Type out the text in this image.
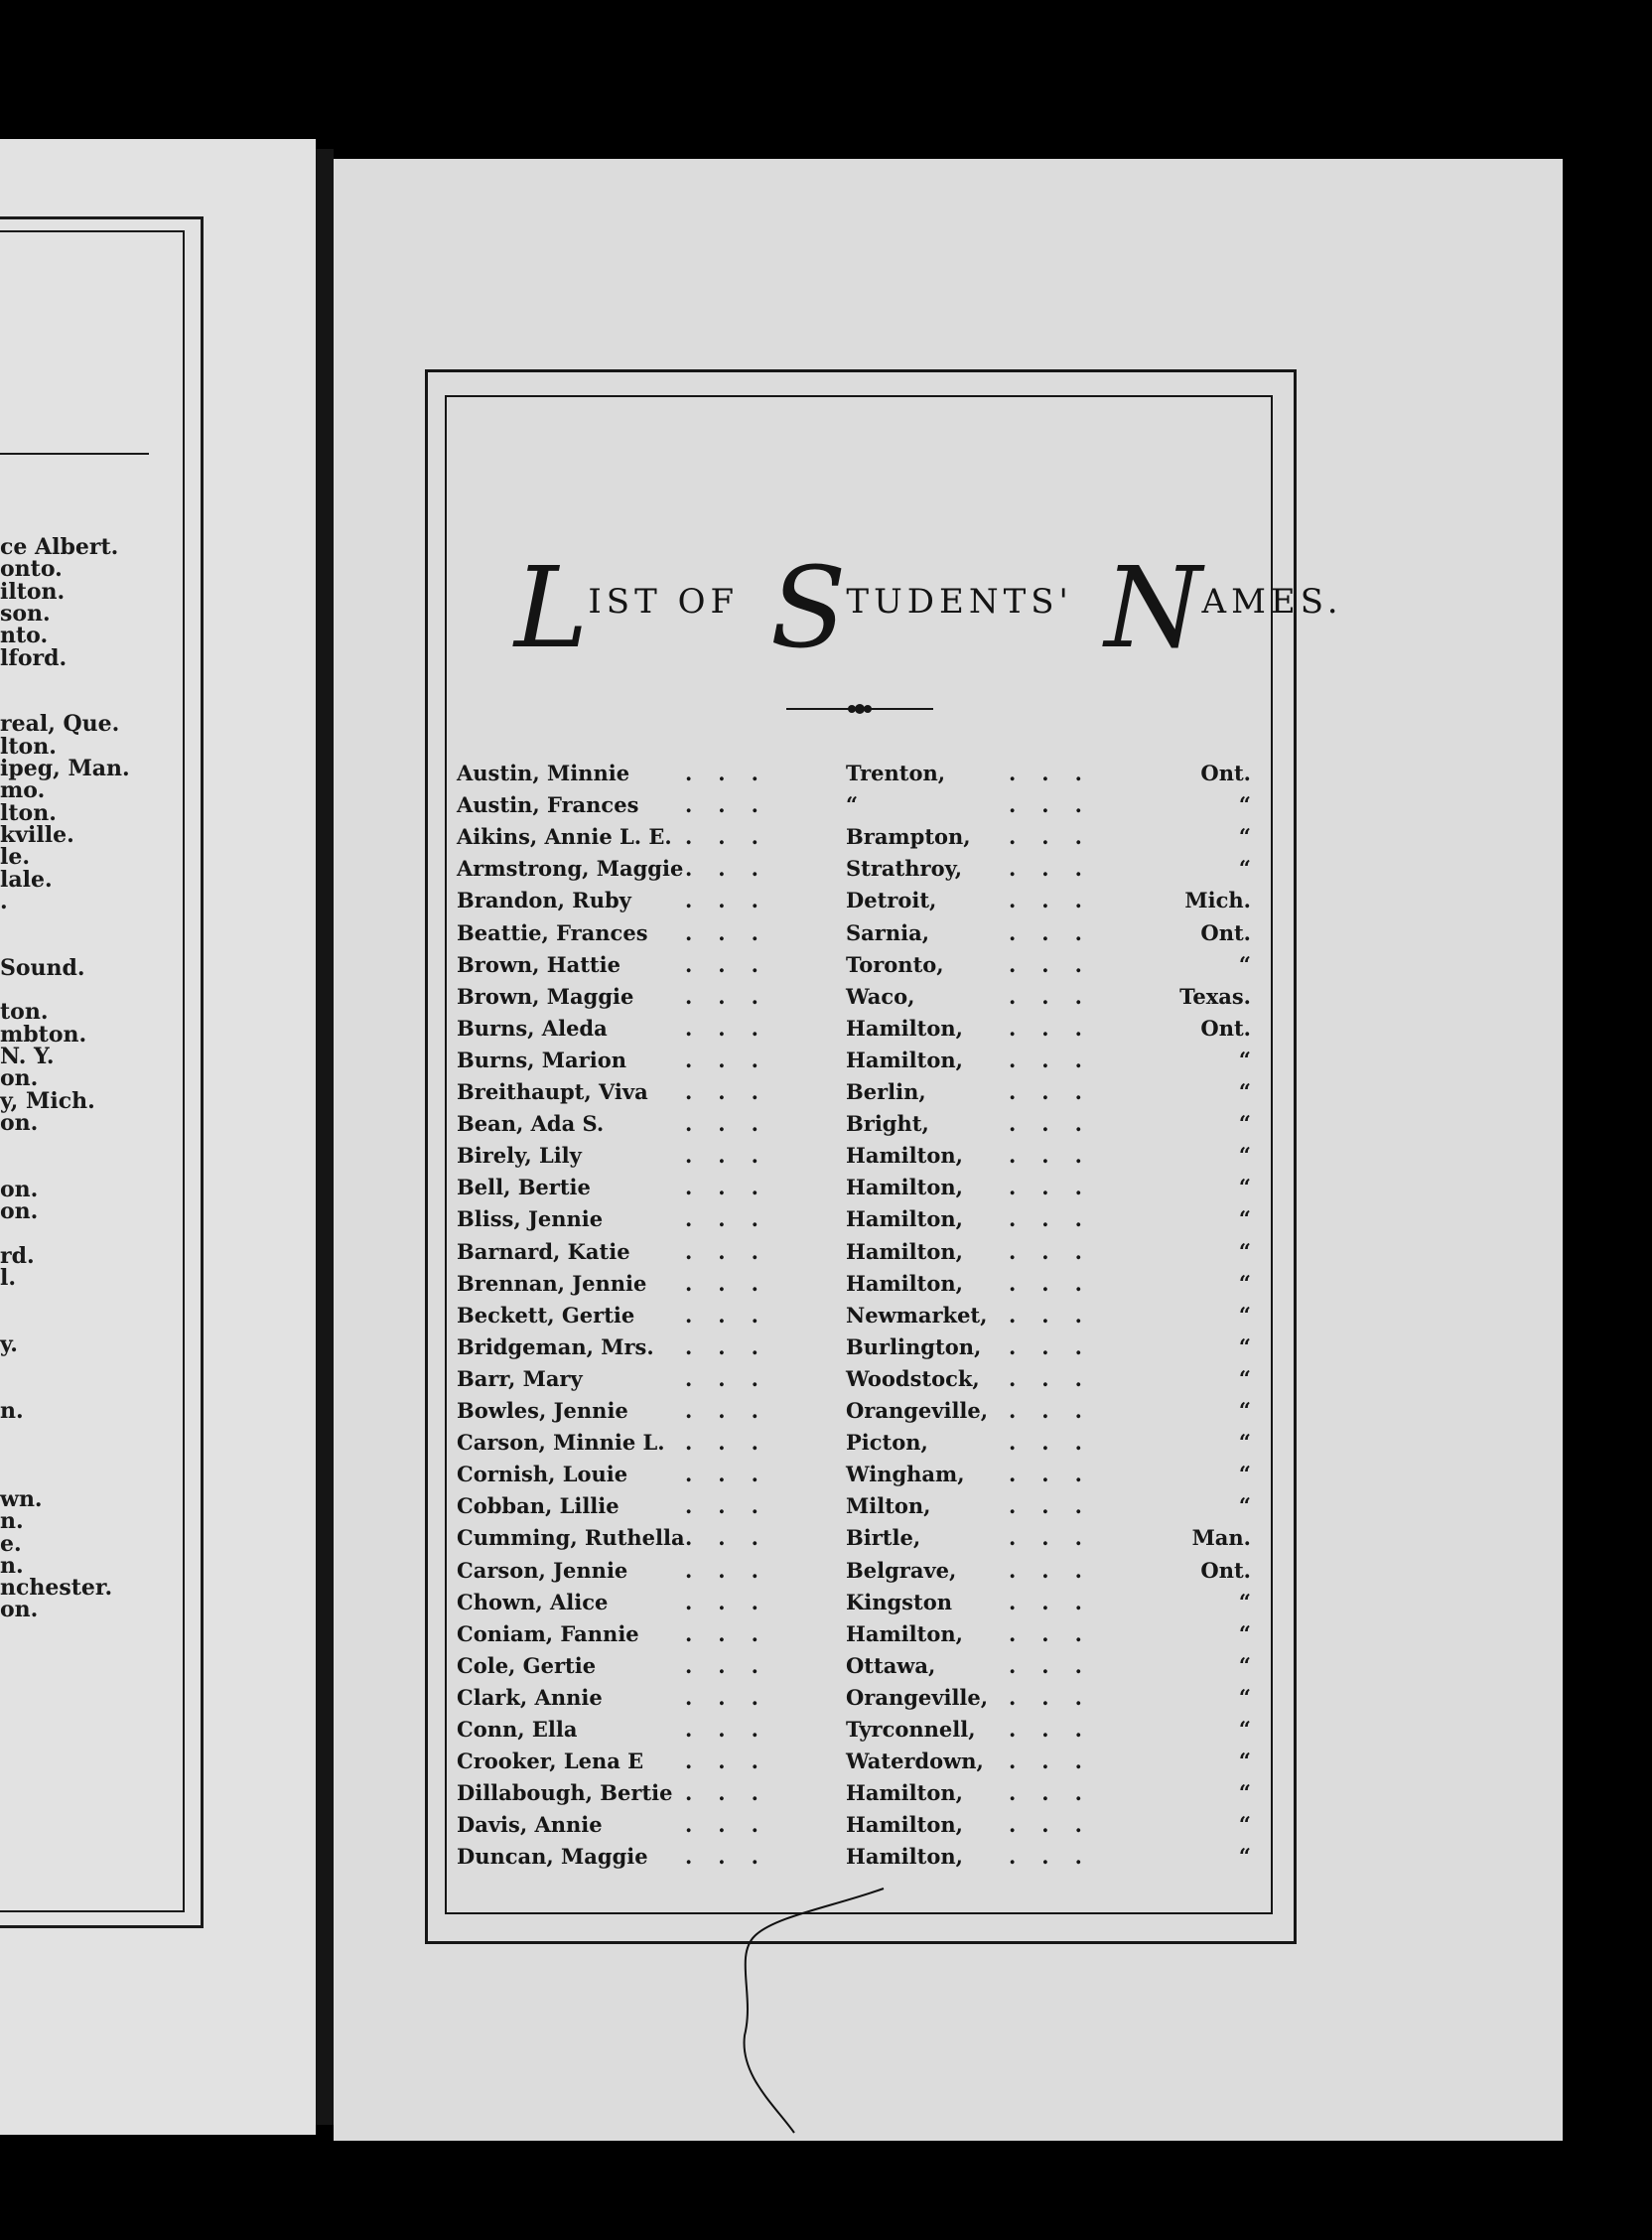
ce Albert.
onto.
ilton.
son.
nto.
lford.
real, Que.
lton.
ipeg, Man.
mo.
lton.
kville.
le.
lale.
.
Sound.
ton.
mbton.
N. Y.
on.
y, Mich.
on.
on.
on.
rd.
l.
y.
n.
wn.
n.
e.
n.
nchester.
on.
LIST OF STUDENTS' NAMES.
Austin, Minnie	...	Trenton,	...	Ont.
Austin, Frances ...	“	...	“
Aikins, Annie L. E. ...	Brampton, ...	“
Armstrong, Maggie ...	Strathroy, ...	“
Brandon, Ruby	...	Detroit,	...	Mich.
Beattie, Frances ...	Sarnia,	...	Ont.
Brown, Hattie	...	Toronto,	...	“
Brown, Maggie ...	Waco,	...	Texas.
Burns, Aleda	...	Hamilton, ...	Ont.
Burns, Marion	...	Hamilton, ...	“
Breithaupt, Viva ...	Berlin,	...	“
Bean, Ada S.	...	Bright,	...	“
Birely, Lily	...	Hamilton, ...	“
Bell, Bertie	...	Hamilton, ...	“
Bliss, Jennie	...	Hamilton, ...	“
Barnard, Katie	...	Hamilton, ...	“
Brennan, Jennie ...	Hamilton, ...	“
Beckett, Gertie ...	Newmarket, ...	“
Bridgeman, Mrs. ...	Burlington, ...	“
Barr, Mary	...	Woodstock, ...	“
Bowles, Jennie	...	Orangeville, ...	“
Carson, Minnie L. ...	Picton,	...	“
Cornish, Louie	...	Wingham, ...	“
Cobban, Lillie	...	Milton,	...	“
Cumming, Ruthella ...	Birtle,	...	Man.
Carson, Jennie	...	Belgrave,	...	Ont.
Chown, Alice	...	Kingston	...	“
Coniam, Fannie ...	Hamilton, ...	“
Cole, Gertie	...	Ottawa,	...	“
Clark, Annie	...	Orangeville, ...	“
Conn, Ella	...	Tyrconnell, ...	“
Crooker, Lena E ...	Waterdown, ...	“
Dillabough, Bertie ...	Hamilton, ...	“
Davis, Annie	...	Hamilton, ...	“
Duncan, Maggie ...	Hamilton, ...	“
